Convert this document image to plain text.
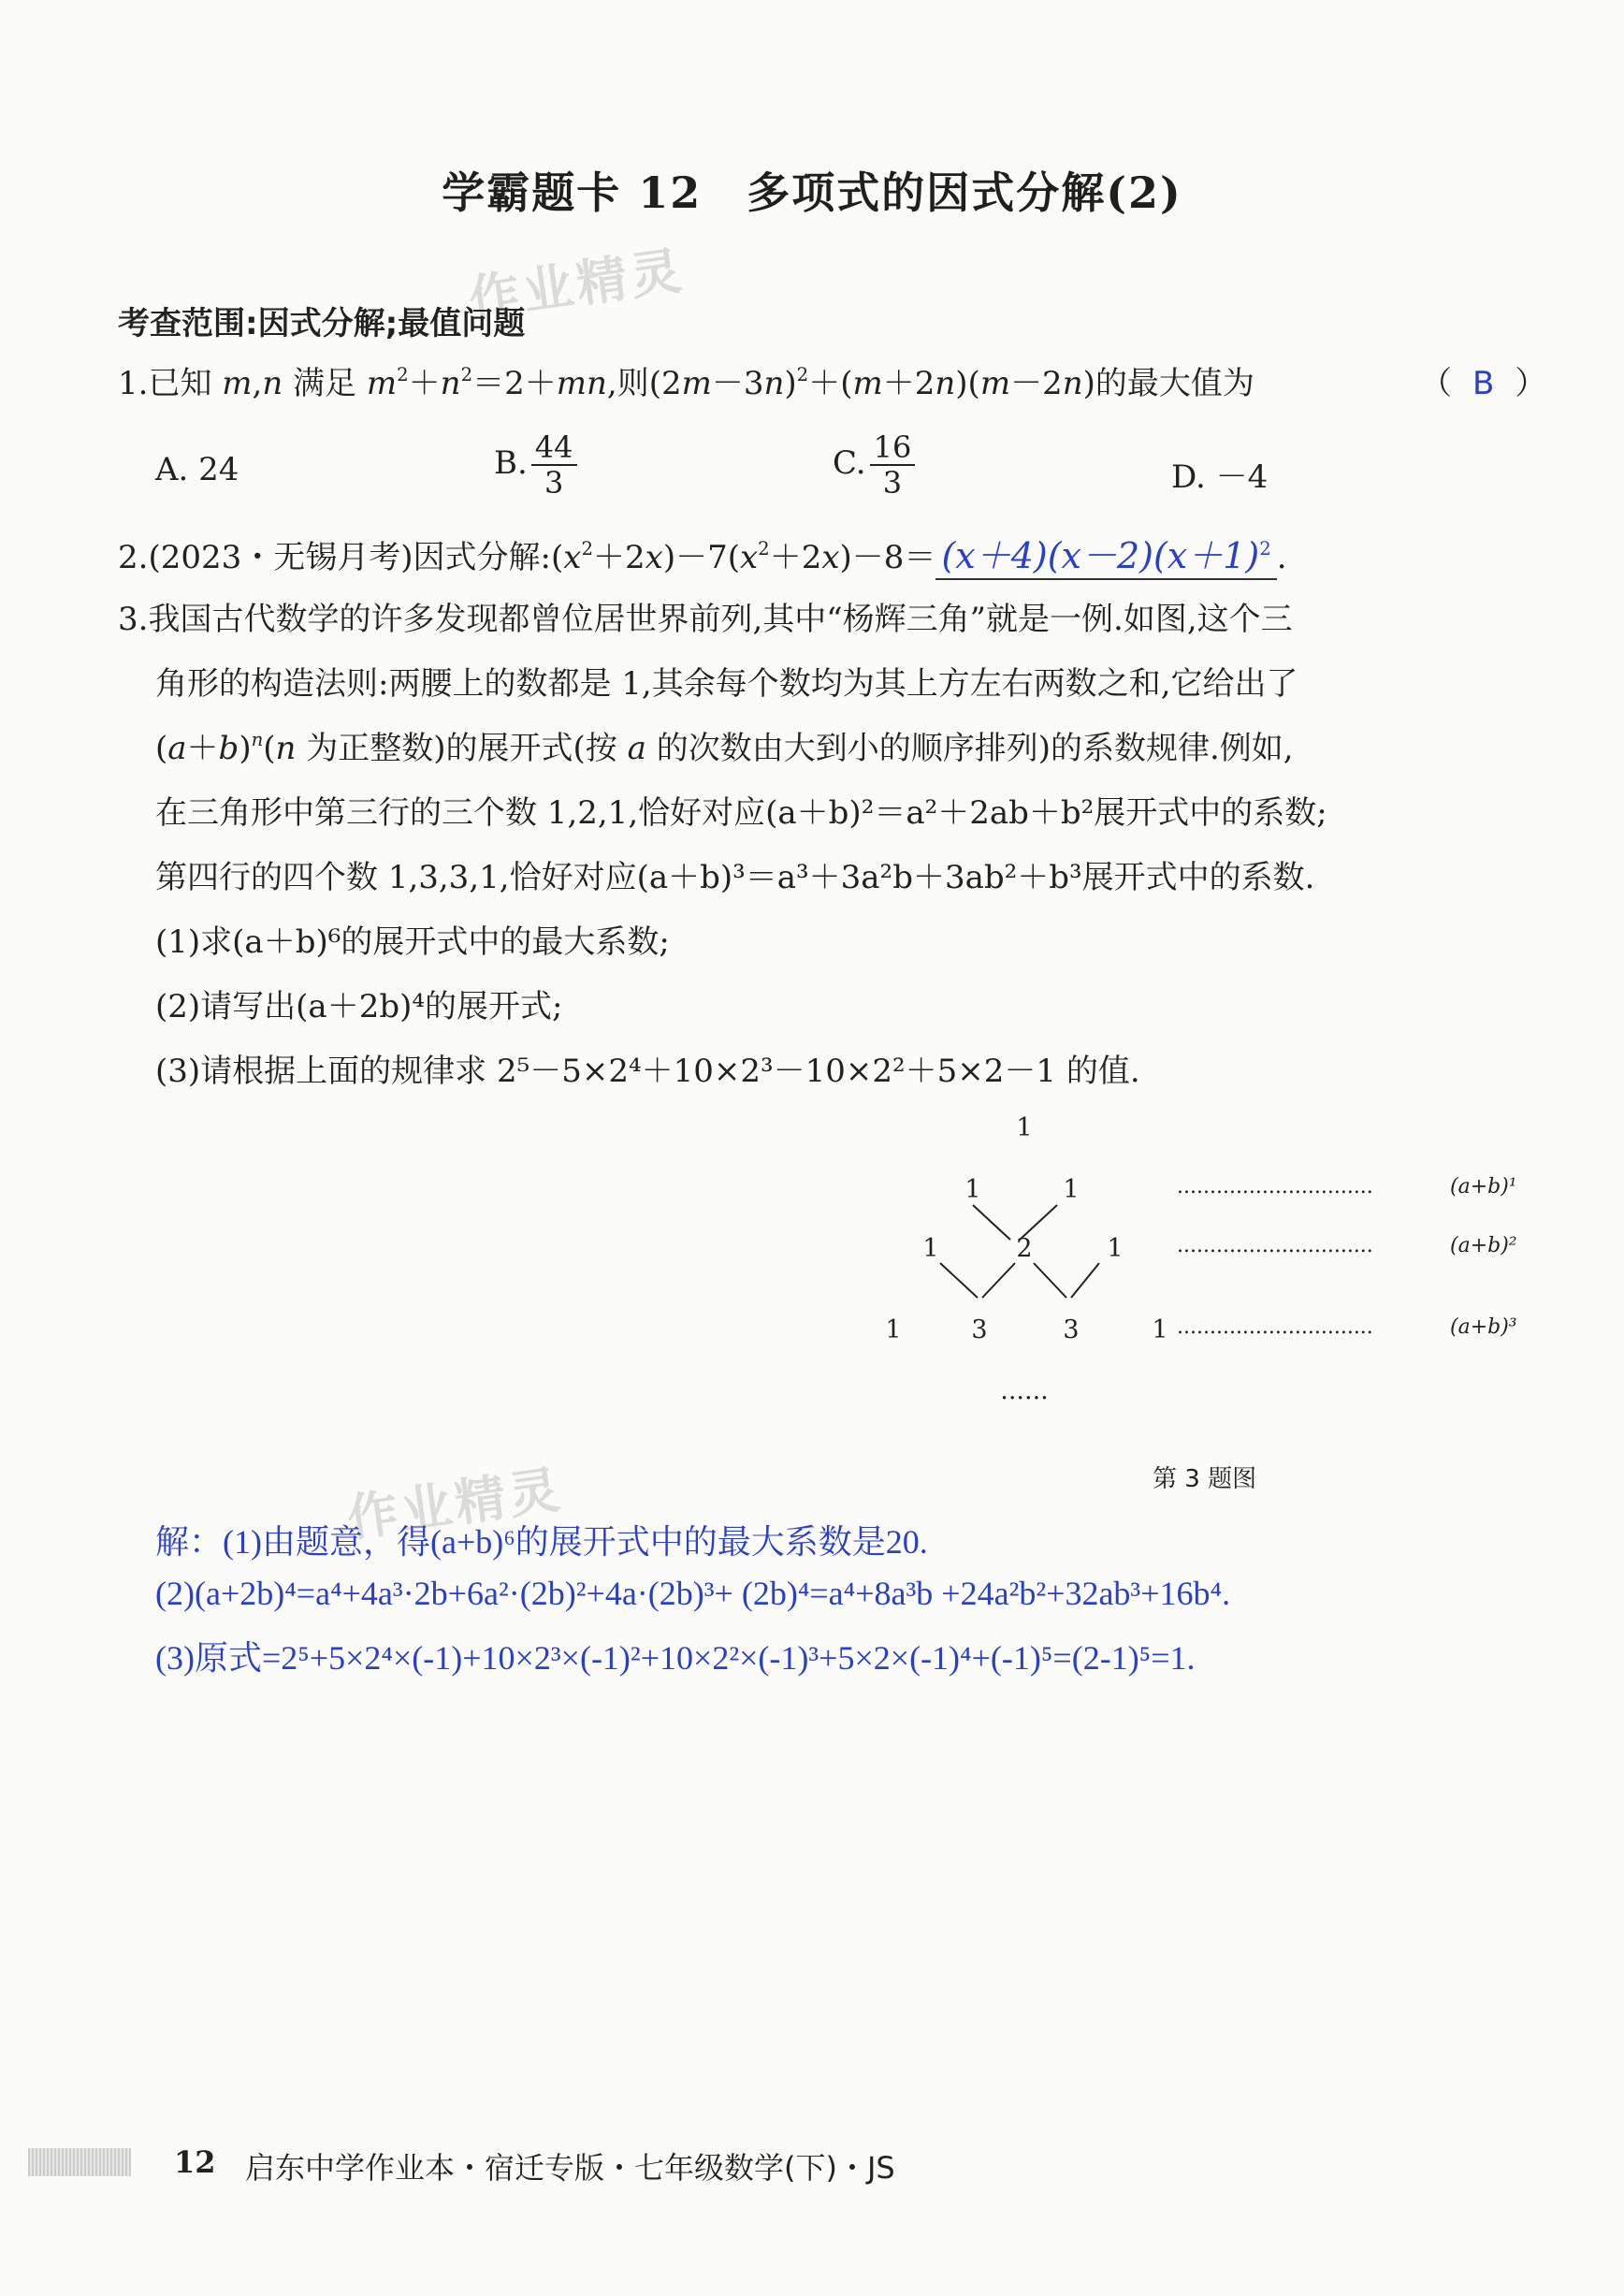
作业精灵
作业精灵
学霸题卡 12　多项式的因式分解(2)
考查范围:因式分解;最值问题
1.已知 m,n 满足 $m^2+n^2=2+mn$,则$(2m-3n)^2+(m+2n)(m-2n)$的最大值为	（ B ）
A. 24	B. $\frac{44}{3}$	C. $\frac{16}{3}$	D. －4
2.(2023・无锡月考)因式分解$:(x^2+2x)-7(x^2+2x)-8= (x+4)(x-2)(x+1)^2$ .
3.我国古代数学的许多发现都曾位居世界前列,其中“杨辉三角”就是一例.如图,这个三
角形的构造法则:两腰上的数都是 1,其余每个数均为其上方左右两数之和,它给出了
$(a+b)^n(n$ 为正整数)的展开式(按 a 的次数由大到小的顺序排列)的系数规律.例如,
在三角形中第三行的三个数 1,2,1,恰好对应(a＋b)²＝a²＋2ab＋b²展开式中的系数;
第四行的四个数 1,3,3,1,恰好对应(a＋b)³＝a³＋3a²b＋3ab²＋b³展开式中的系数.
(1)求(a＋b)⁶的展开式中的最大系数;
(2)请写出(a＋2b)⁴的展开式;
(3)请根据上面的规律求 2⁵－5×2⁴＋10×2³－10×2²＋5×2－1 的值.
1
1	1
1	2	1
1	3	3	1
......
..............................
..............................
..............................
(a+b)¹
(a+b)²
(a+b)³
第 3 题图
解：(1)由题意，得(a+b)⁶的展开式中的最大系数是20.
(2)(a+2b)⁴=a⁴+4a³·2b+6a²·(2b)²+4a·(2b)³+ (2b)⁴=a⁴+8a³b +24a²b²+32ab³+16b⁴.
(3)原式=2⁵+5×2⁴×(-1)+10×2³×(-1)²+10×2²×(-1)³+5×2×(-1)⁴+(-1)⁵=(2-1)⁵=1.
12 启东中学作业本・宿迁专版・七年级数学(下)・JS
